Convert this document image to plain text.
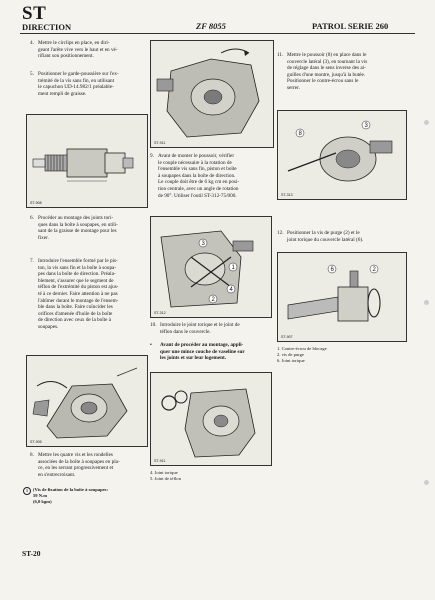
ST
DIRECTION	ZF 8055	PATROL SERIE 260
4. Mettre le circlips en place, en diri-
geant l'arête vive vers le haut et en vé-
rifiant son positionnement.
5. Positionner le garde-poussière sur l'ex-
trémité de la vis sans fin, en utilisant
le capuchon UD-14.982/1 préalable-
ment rempli de graisse.
ST-908
6. Procéder au montage des joints tori-
ques dans la boîte à soupapes, en utili-
sant de la graisse de montage pour les
fixer.
7. Introduire l'ensemble formé par le pis-
ton, la vis sans fin et la boîte à soupa-
pes dans la boîte de direction. Préala-
blement, s'assurer que le segment de
téflon de l'extrémité du piston est ajus-
té à ce dernier. Faire attention à ne pas
l'abîmer durant le montage de l'ensem-
ble dans la boîte. Faire coïncider les
orifices d'amenée d'huile de la boîte
de direction avec ceux de la boîte à
soupapes.
ST-905
8. Mettre les quatre vis et les rondelles
associées de la boîte à soupapes en pla-
ce, en les serrant progressivement et
en s'entrecroisant.
1	(Vis de fixation de la boîte à soupapes:
59 N.m
(6,0 kgm)
ST-911
9. Avant de monter le poussoir, vérifier
le couple nécessaire à la rotation de
l'ensemble vis sans fin, piston et boîte
à soupapes dans la boîte de direction.
Le couple doit être de 6 kg cm en posi-
tion centrale, avec un angle de rotation
de 90°. Utiliser l'outil ST-312-75/000.
3
1
4
2
ST-312
10. Introduire le joint torique et le joint de
téflon dans le couvercle.
• Avant de procéder au montage, appli-
quer une mince couche de vaseline sur
les joints et sur leur logement.
ST-911
4. Joint torique
5. Joint de téflon
11. Mettre le poussoir (8) en place dans le
couvercle latéral (3), en tournant la vis
de réglage dans le sens inverse des ai-
guilles d'une montre, jusqu'à la butée.
Positionner le contre-écrou sans le
serrer.
8
3
ST-313
12. Positionner la vis de purge (2) et le
joint torique du couvercle latéral (6).
6	2
ST-907
1. Contre-écrou de blocage
2. vis de purge
6. Joint torique
ST-20
